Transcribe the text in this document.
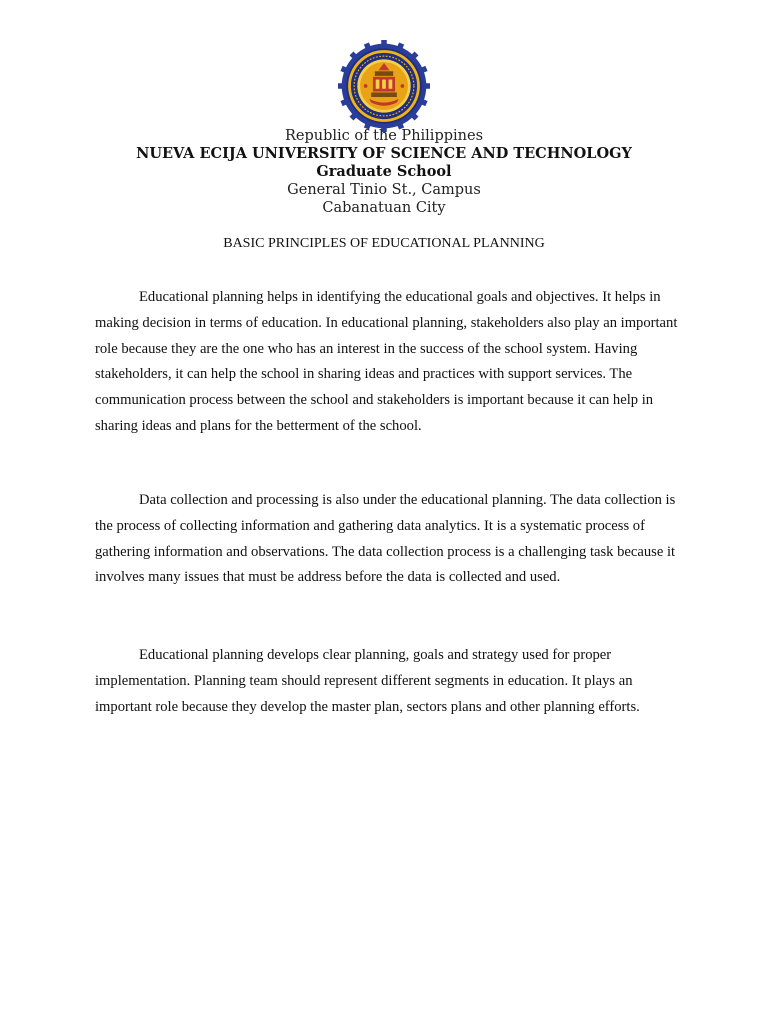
Republic of the Philippines
NUEVA ECIJA UNIVERSITY OF SCIENCE AND TECHNOLOGY
Graduate School
General Tinio St., Campus
Cabanatuan City
BASIC PRINCIPLES OF EDUCATIONAL PLANNING

Educational planning helps in identifying the educational goals and objectives. It helps in making decision in terms of education. In educational planning, stakeholders also play an important role because they are the one who has an interest in the success of the school system. Having stakeholders, it can help the school in sharing ideas and practices with support services. The communication process between the school and stakeholders is important because it can help in sharing ideas and plans for the betterment of the school.

Data collection and processing is also under the educational planning. The data collection is the process of collecting information and gathering data analytics. It is a systematic process of gathering information and observations. The data collection process is a challenging task because it involves many issues that must be address before the data is collected and used.

Educational planning develops clear planning, goals and strategy used for proper implementation. Planning team should represent different segments in education. It plays an important role because they develop the master plan, sectors plans and other planning efforts.
